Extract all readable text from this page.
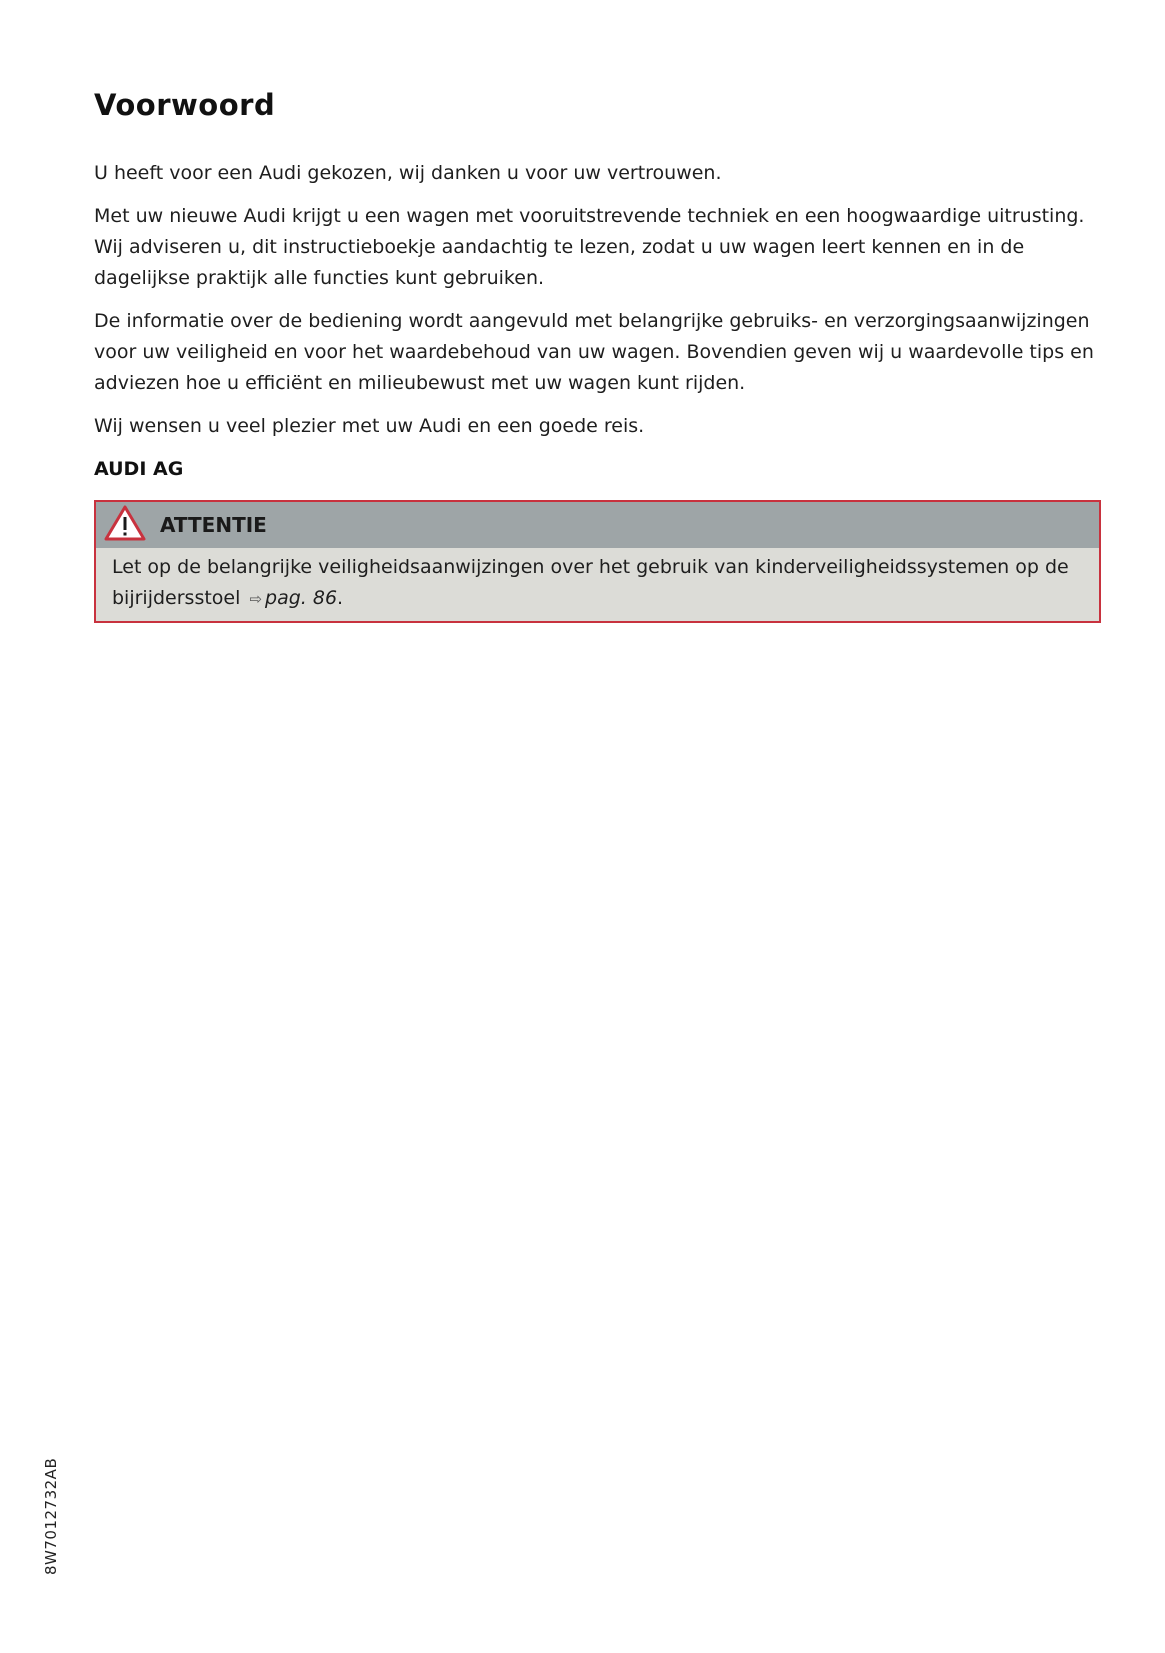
Voorwoord

U heeft voor een Audi gekozen, wij danken u voor uw vertrouwen.

Met uw nieuwe Audi krijgt u een wagen met vooruitstrevende techniek en een hoogwaardige uitrusting. Wij adviseren u, dit instructieboekje aandachtig te lezen, zodat u uw wagen leert kennen en in de dagelijkse praktijk alle functies kunt gebruiken.

De informatie over de bediening wordt aangevuld met belangrijke gebruiks- en verzorgingsaanwijzingen voor uw veiligheid en voor het waardebehoud van uw wagen. Bovendien geven wij u waardevolle tips en adviezen hoe u efficiënt en milieubewust met uw wagen kunt rijden.

Wij wensen u veel plezier met uw Audi en een goede reis.

AUDI AG

ATTENTIE
Let op de belangrijke veiligheidsaanwijzingen over het gebruik van kinderveiligheidssystemen op de bijrijdersstoel ⇨ pag. 86.
8W7012732AB
